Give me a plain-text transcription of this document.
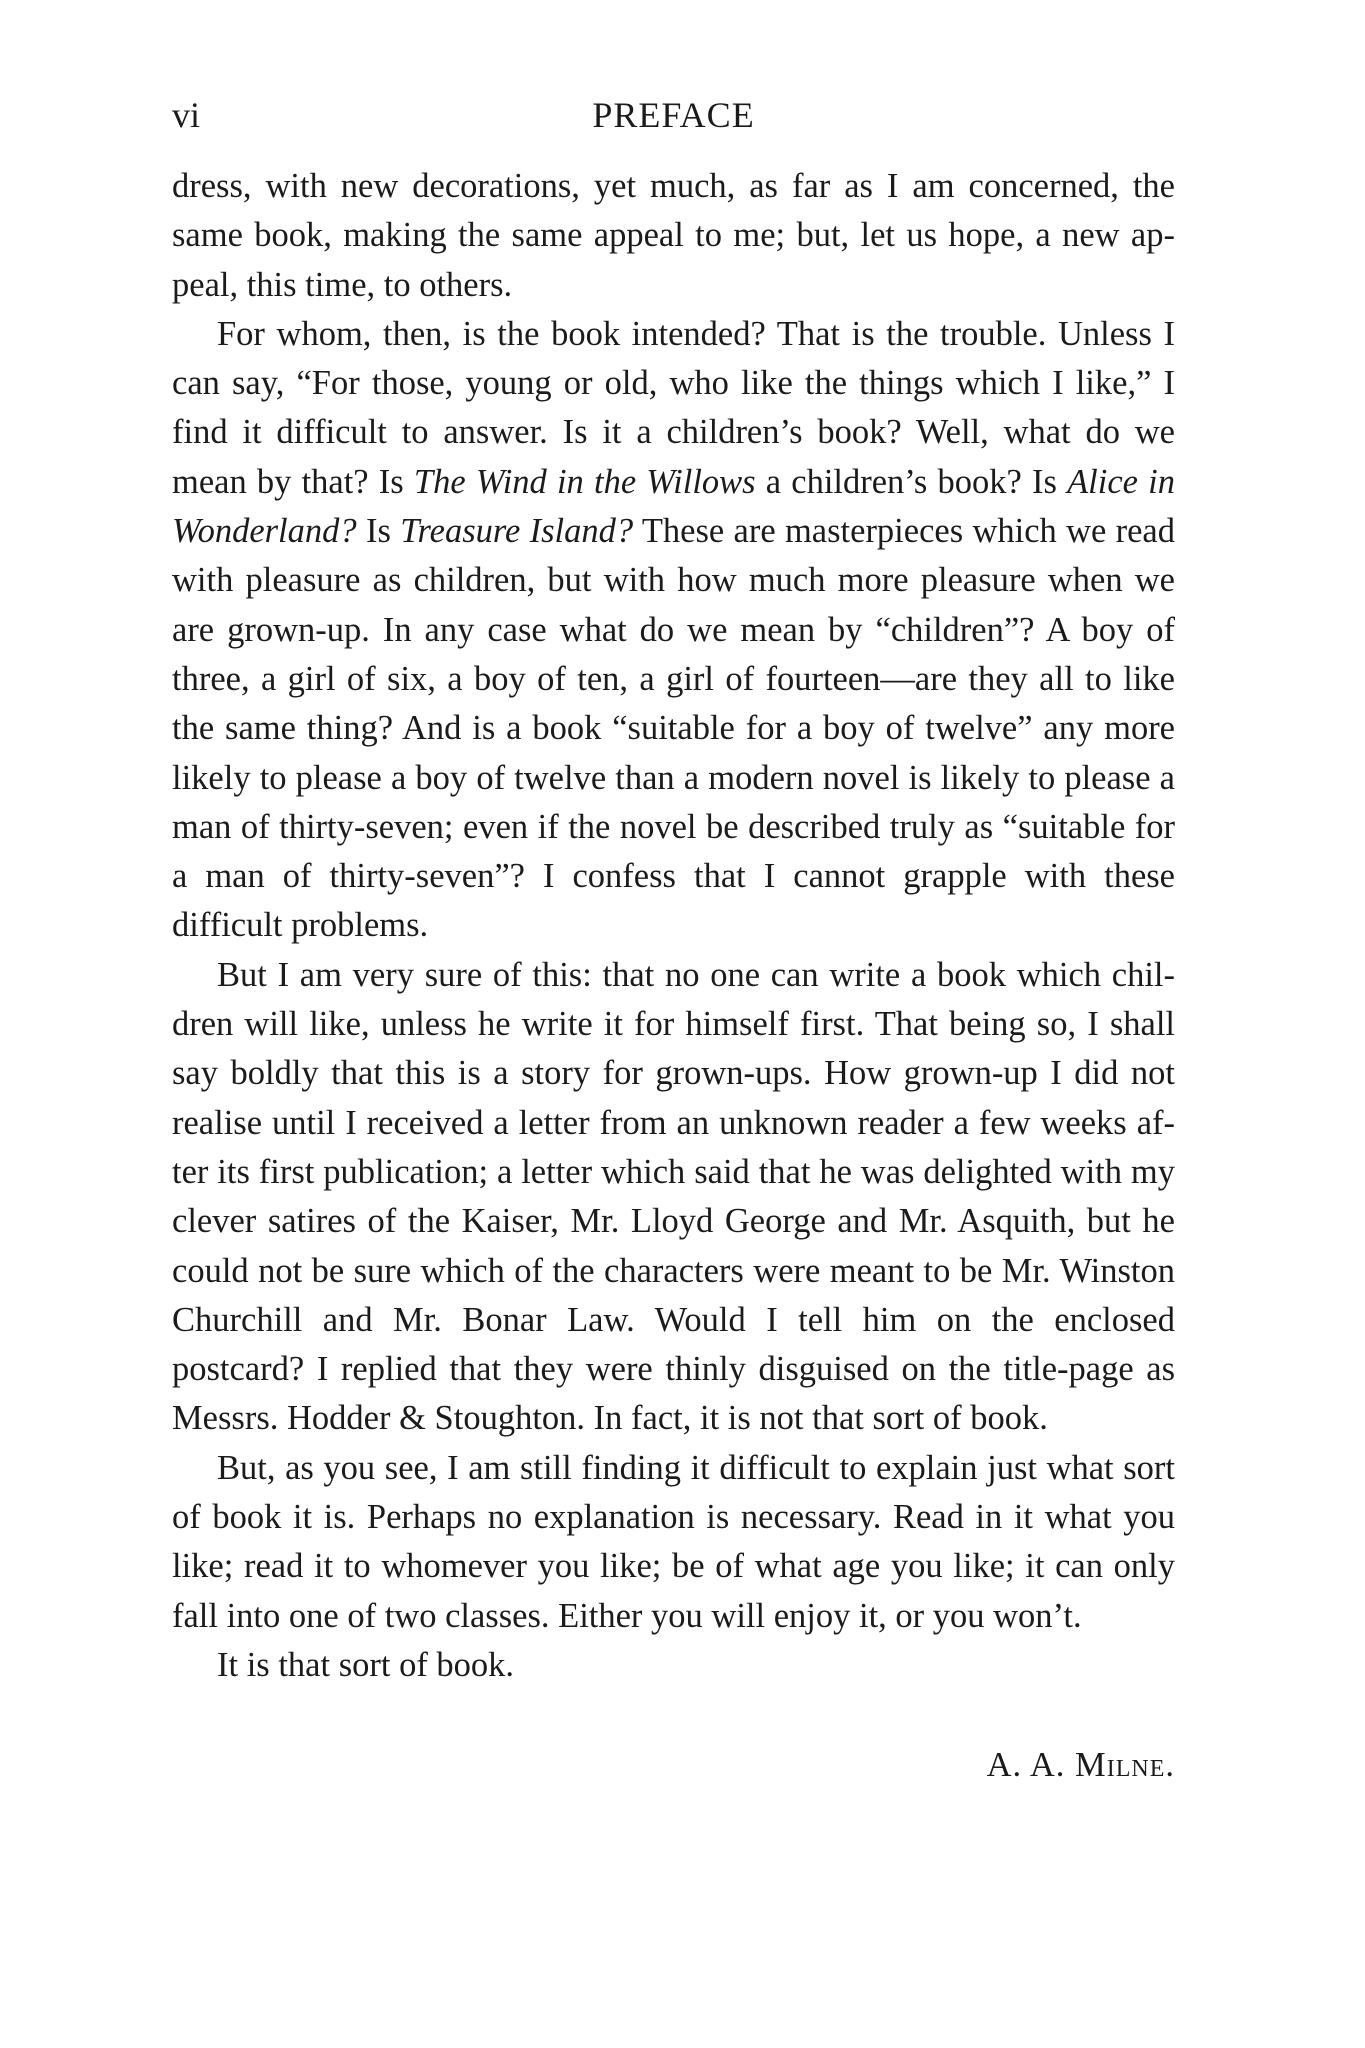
vi	PREFACE

dress, with new decorations, yet much, as far as I am concerned, the same book, making the same appeal to me; but, let us hope, a new appeal, this time, to others.

For whom, then, is the book intended? That is the trouble. Unless I can say, “For those, young or old, who like the things which I like,” I find it difficult to answer. Is it a children’s book? Well, what do we mean by that? Is The Wind in the Willows a children’s book? Is Alice in Wonderland? Is Treasure Island? These are masterpieces which we read with pleasure as children, but with how much more pleasure when we are grown-up. In any case what do we mean by “children”? A boy of three, a girl of six, a boy of ten, a girl of fourteen—are they all to like the same thing? And is a book “suitable for a boy of twelve” any more likely to please a boy of twelve than a modern novel is likely to please a man of thirty-seven; even if the novel be described truly as “suitable for a man of thirty-seven”? I confess that I cannot grapple with these difficult problems.

But I am very sure of this: that no one can write a book which children will like, unless he write it for himself first. That being so, I shall say boldly that this is a story for grown-ups. How grown-up I did not realise until I received a letter from an unknown reader a few weeks after its first publication; a letter which said that he was delighted with my clever satires of the Kaiser, Mr. Lloyd George and Mr. Asquith, but he could not be sure which of the characters were meant to be Mr. Winston Churchill and Mr. Bonar Law. Would I tell him on the enclosed postcard? I replied that they were thinly disguised on the title-page as Messrs. Hodder & Stoughton. In fact, it is not that sort of book.

But, as you see, I am still finding it difficult to explain just what sort of book it is. Perhaps no explanation is necessary. Read in it what you like; read it to whomever you like; be of what age you like; it can only fall into one of two classes. Either you will enjoy it, or you won’t.

It is that sort of book.

A. A. Milne.
